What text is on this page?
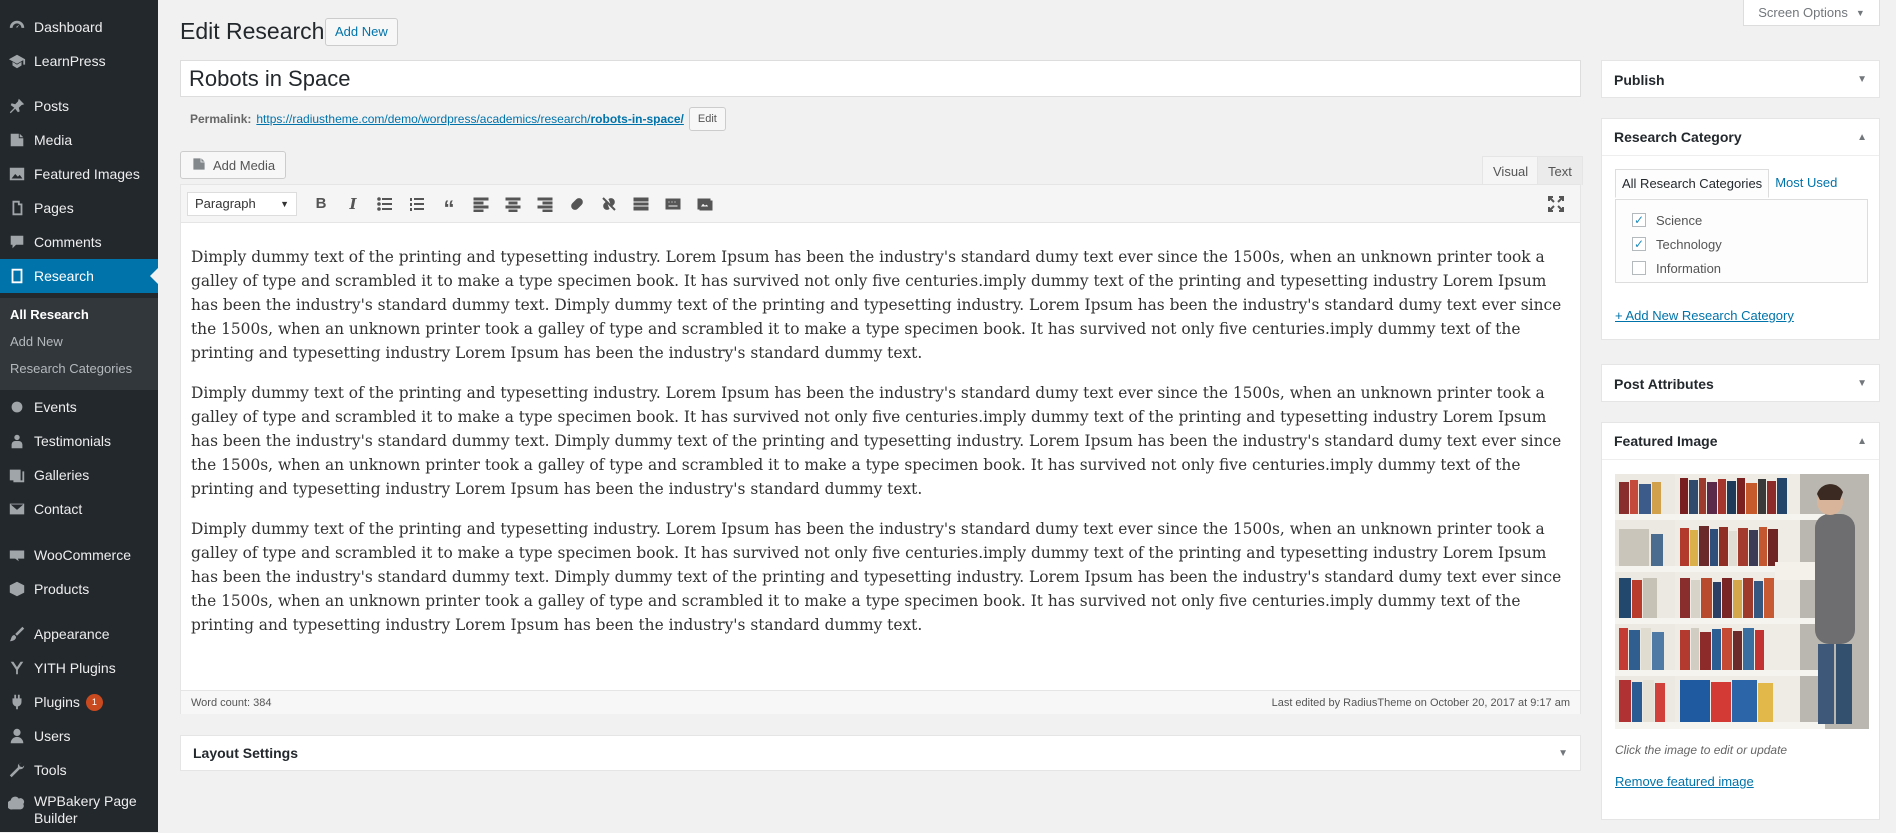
Dashboard
LearnPress
Posts
Media
Featured Images
Pages
Comments
Research
All Research
Add New
Research Categories
Events
Testimonials
Galleries
Contact
WooCommerce
Products
Appearance
YITH Plugins
Plugins	1
Users
Tools
WPBakery Page Builder
Edit Research Add New
Screen Options ▼
Robots in Space
Permalink: https://radiustheme.com/demo/wordpress/academics/research/robots-in-space/	Edit
Add Media	Visual	Text
Paragraph	▼ B I	“

Dimply dummy text of the printing and typesetting industry. Lorem Ipsum has been the industry's standard dumy text ever since the 1500s, when an unknown printer took a galley of type and scrambled it to make a type specimen book. It has survived not only five centuries.imply dummy text of the printing and typesetting industry Lorem Ipsum has been the industry's standard dummy text. Dimply dummy text of the printing and typesetting industry. Lorem Ipsum has been the industry's standard dumy text ever since the 1500s, when an unknown printer took a galley of type and scrambled it to make a type specimen book. It has survived not only five centuries.imply dummy text of the printing and typesetting industry Lorem Ipsum has been the industry's standard dummy text.

Dimply dummy text of the printing and typesetting industry. Lorem Ipsum has been the industry's standard dumy text ever since the 1500s, when an unknown printer took a galley of type and scrambled it to make a type specimen book. It has survived not only five centuries.imply dummy text of the printing and typesetting industry Lorem Ipsum has been the industry's standard dummy text. Dimply dummy text of the printing and typesetting industry. Lorem Ipsum has been the industry's standard dumy text ever since the 1500s, when an unknown printer took a galley of type and scrambled it to make a type specimen book. It has survived not only five centuries.imply dummy text of the printing and typesetting industry Lorem Ipsum has been the industry's standard dummy text.

Dimply dummy text of the printing and typesetting industry. Lorem Ipsum has been the industry's standard dumy text ever since the 1500s, when an unknown printer took a galley of type and scrambled it to make a type specimen book. It has survived not only five centuries.imply dummy text of the printing and typesetting industry Lorem Ipsum has been the industry's standard dummy text. Dimply dummy text of the printing and typesetting industry. Lorem Ipsum has been the industry's standard dumy text ever since the 1500s, when an unknown printer took a galley of type and scrambled it to make a type specimen book. It has survived not only five centuries.imply dummy text of the printing and typesetting industry Lorem Ipsum has been the industry's standard dummy text.

Word count: 384	Last edited by RadiusTheme on October 20, 2017 at 9:17 am
Layout Settings	▼
Publish	▼
Research Category	▲
All Research Categories	Most Used
✓ Science
✓ Technology
Information
+ Add New Research Category
Post Attributes	▼
Featured Image	▲
Click the image to edit or update
Remove featured image
